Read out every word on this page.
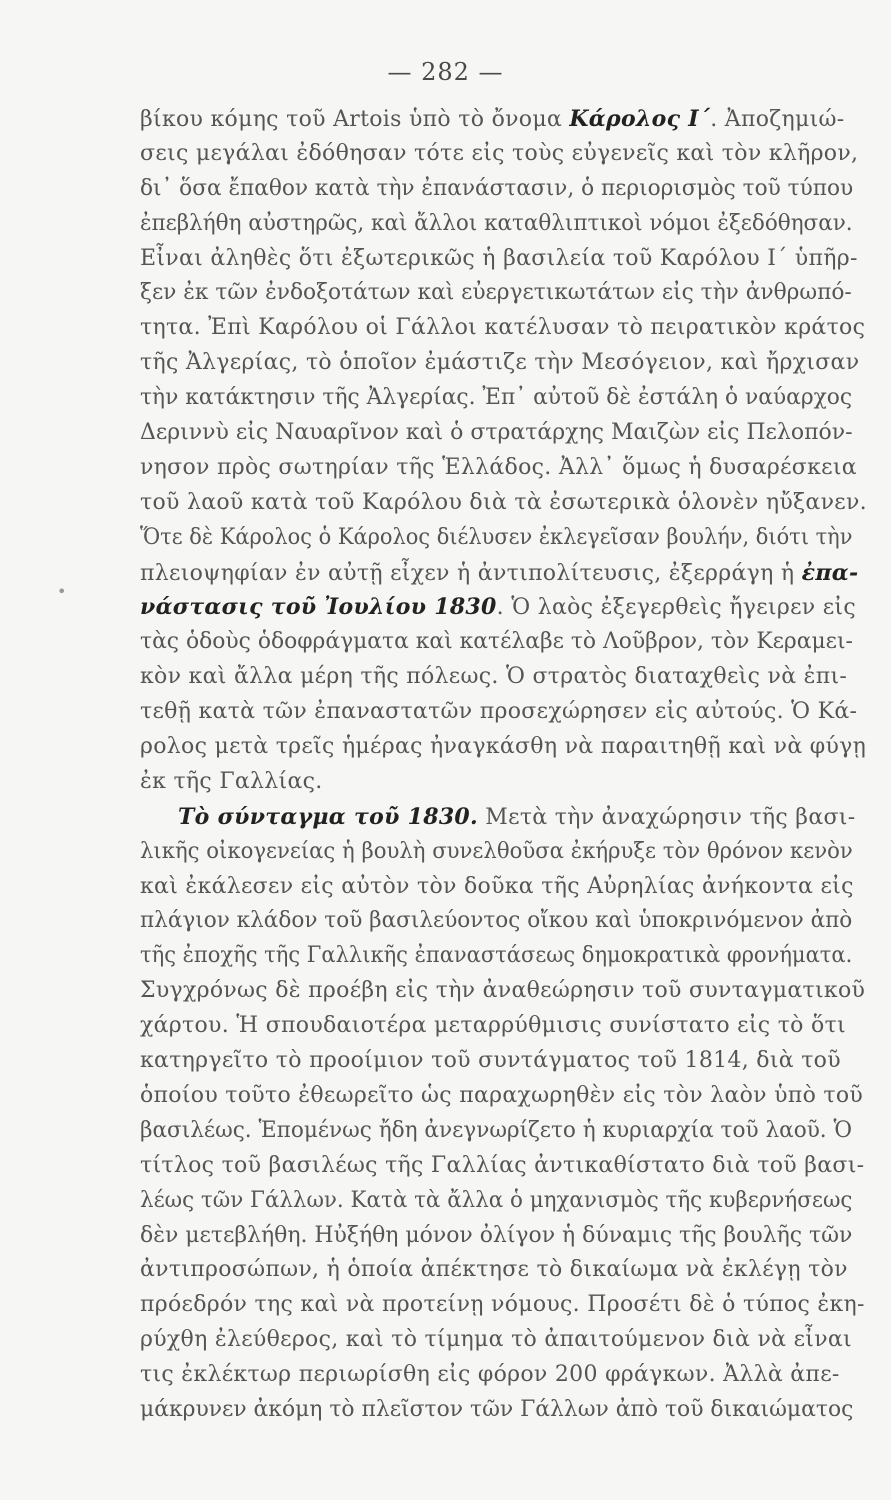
— 282 —
•
βίκου κόμης τοῦ Artois ὑπὸ τὸ ὄνομα Κάρολος Ι΄. Ἀποζημιώ-
σεις μεγάλαι ἐδόθησαν τότε εἰς τοὺς εὐγενεῖς καὶ τὸν κλῆρον,
δι᾽ ὅσα ἔπαθον κατὰ τὴν ἐπανάστασιν, ὁ περιορισμὸς τοῦ τύπου
ἐπεβλήθη αὐστηρῶς, καὶ ἄλλοι καταθλιπτικοὶ νόμοι ἐξεδόθησαν.
Εἶναι ἀληθὲς ὅτι ἐξωτερικῶς ἡ βασιλεία τοῦ Καρόλου Ι΄ ὑπῆρ-
ξεν ἐκ τῶν ἐνδοξοτάτων καὶ εὐεργετικωτάτων εἰς τὴν ἀνθρωπό-
τητα. Ἐπὶ Καρόλου οἱ Γάλλοι κατέλυσαν τὸ πειρατικὸν κράτος
τῆς Ἀλγερίας, τὸ ὁποῖον ἐμάστιζε τὴν Μεσόγειον, καὶ ἤρχισαν
τὴν κατάκτησιν τῆς Ἀλγερίας. Ἐπ᾽ αὐτοῦ δὲ ἐστάλη ὁ ναύαρχος
Δεριννὺ εἰς Ναυαρῖνον καὶ ὁ στρατάρχης Μαιζὼν εἰς Πελοπόν-
νησον πρὸς σωτηρίαν τῆς Ἑλλάδος. Ἀλλ᾽ ὅμως ἡ δυσαρέσκεια
τοῦ λαοῦ κατὰ τοῦ Καρόλου διὰ τὰ ἐσωτερικὰ ὁλονὲν ηὔξανεν.
Ὅτε δὲ Κάρολος ὁ Κάρολος διέλυσεν ἐκλεγεῖσαν βουλήν, διότι τὴν
πλειοψηφίαν ἐν αὐτῇ εἶχεν ἡ ἀντιπολίτευσις, ἐξερράγη ἡ ἐπα-
νάστασις τοῦ Ἰουλίου 1830. Ὁ λαὸς ἐξεγερθεὶς ἤγειρεν εἰς
τὰς ὁδοὺς ὁδοφράγματα καὶ κατέλαβε τὸ Λοῦβρον, τὸν Κεραμει-
κὸν καὶ ἄλλα μέρη τῆς πόλεως. Ὁ στρατὸς διαταχθεὶς νὰ ἐπι-
τεθῇ κατὰ τῶν ἐπαναστατῶν προσεχώρησεν εἰς αὐτούς. Ὁ Κά-
ρολος μετὰ τρεῖς ἡμέρας ἠναγκάσθη νὰ παραιτηθῇ καὶ νὰ φύγῃ
ἐκ τῆς Γαλλίας.
Τὸ σύνταγμα τοῦ 1830. Μετὰ τὴν ἀναχώρησιν τῆς βασι-
λικῆς οἰκογενείας ἡ βουλὴ συνελθοῦσα ἐκήρυξε τὸν θρόνον κενὸν
καὶ ἐκάλεσεν εἰς αὐτὸν τὸν δοῦκα τῆς Αὐρηλίας ἀνήκοντα εἰς
πλάγιον κλάδον τοῦ βασιλεύοντος οἴκου καὶ ὑποκρινόμενον ἀπὸ
τῆς ἐποχῆς τῆς Γαλλικῆς ἐπαναστάσεως δημοκρατικὰ φρονήματα.
Συγχρόνως δὲ προέβη εἰς τὴν ἀναθεώρησιν τοῦ συνταγματικοῦ
χάρτου. Ἡ σπουδαιοτέρα μεταρρύθμισις συνίστατο εἰς τὸ ὅτι
κατηργεῖτο τὸ προοίμιον τοῦ συντάγματος τοῦ 1814, διὰ τοῦ
ὁποίου τοῦτο ἐθεωρεῖτο ὡς παραχωρηθὲν εἰς τὸν λαὸν ὑπὸ τοῦ
βασιλέως. Ἑπομένως ἤδη ἀνεγνωρίζετο ἡ κυριαρχία τοῦ λαοῦ. Ὁ
τίτλος τοῦ βασιλέως τῆς Γαλλίας ἀντικαθίστατο διὰ τοῦ βασι-
λέως τῶν Γάλλων. Κατὰ τὰ ἄλλα ὁ μηχανισμὸς τῆς κυβερνήσεως
δὲν μετεβλήθη. Ηὐξήθη μόνον ὀλίγον ἡ δύναμις τῆς βουλῆς τῶν
ἀντιπροσώπων, ἡ ὁποία ἀπέκτησε τὸ δικαίωμα νὰ ἐκλέγῃ τὸν
πρόεδρόν της καὶ νὰ προτείνῃ νόμους. Προσέτι δὲ ὁ τύπος ἐκη-
ρύχθη ἐλεύθερος, καὶ τὸ τίμημα τὸ ἀπαιτούμενον διὰ νὰ εἶναι
τις ἐκλέκτωρ περιωρίσθη εἰς φόρον 200 φράγκων. Ἀλλὰ ἀπε-
μάκρυνεν ἀκόμη τὸ πλεῖστον τῶν Γάλλων ἀπὸ τοῦ δικαιώματος
